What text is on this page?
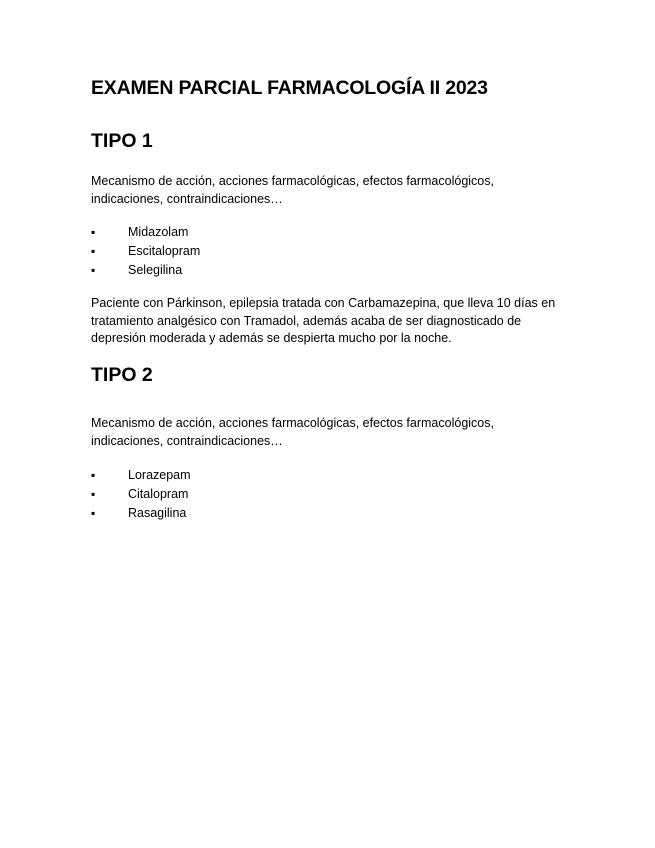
EXAMEN PARCIAL FARMACOLOGÍA II 2023
TIPO 1

Mecanismo de acción, acciones farmacológicas, efectos farmacológicos,
indicaciones, contraindicaciones…

▪	Midazolam
▪	Escitalopram
▪	Selegilina

Paciente con Párkinson, epilepsia tratada con Carbamazepina, que lleva 10 días en
tratamiento analgésico con Tramadol, además acaba de ser diagnosticado de
depresión moderada y además se despierta mucho por la noche.

TIPO 2

Mecanismo de acción, acciones farmacológicas, efectos farmacológicos,
indicaciones, contraindicaciones…

▪	Lorazepam
▪	Citalopram
▪	Rasagilina
